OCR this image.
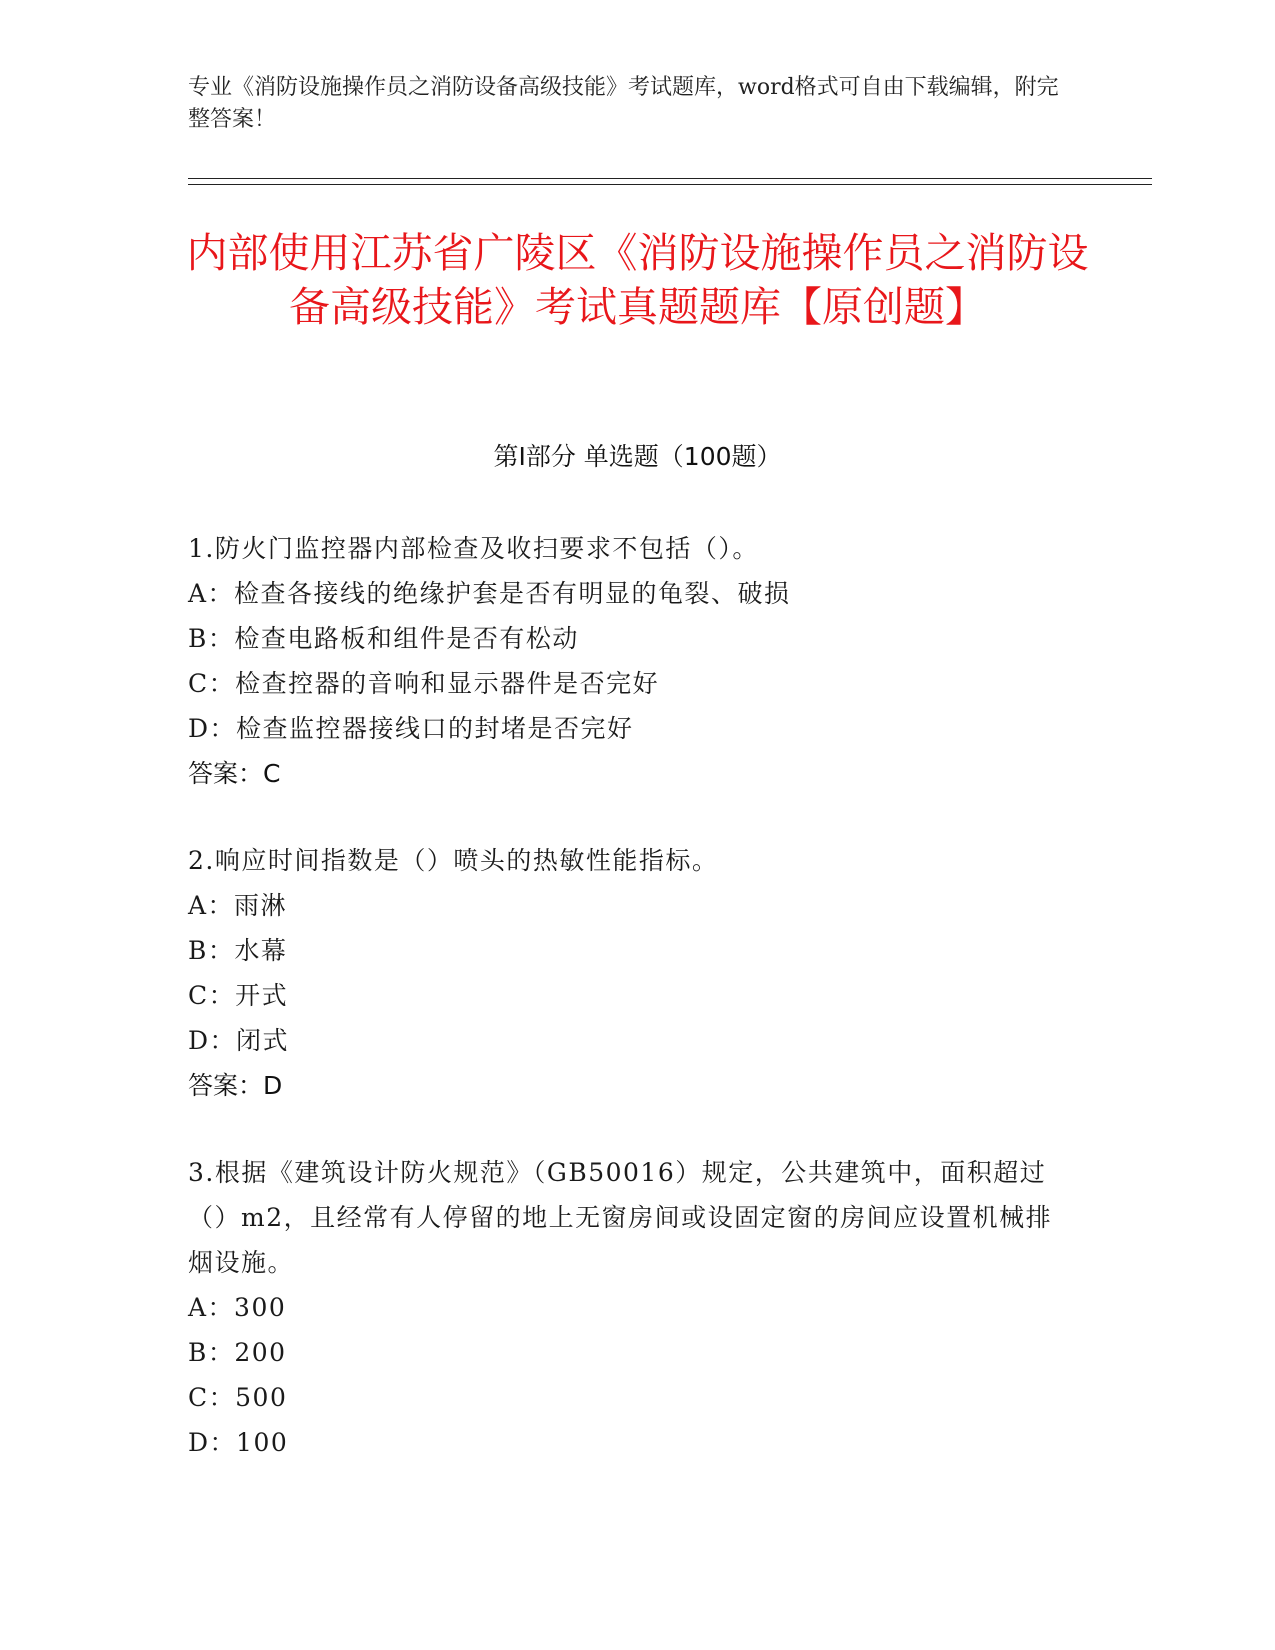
专业《消防设施操作员之消防设备高级技能》考试题库，word格式可自由下载编辑，附完整答案！
内部使用江苏省广陵区《消防设施操作员之消防设备高级技能》考试真题题库【原创题】
第Ⅰ部分 单选题（100题）
1.防火门监控器内部检查及收扫要求不包括（）。
A：检查各接线的绝缘护套是否有明显的龟裂、破损
B：检查电路板和组件是否有松动
C：检查控器的音响和显示器件是否完好
D：检查监控器接线口的封堵是否完好
答案：C
2.响应时间指数是（）喷头的热敏性能指标。
A：雨淋
B：水幕
C：开式
D：闭式
答案：D
3.根据《建筑设计防火规范》（GB50016）规定，公共建筑中，面积超过（）m2，且经常有人停留的地上无窗房间或设固定窗的房间应设置机械排烟设施。
A：300
B：200
C：500
D：100
